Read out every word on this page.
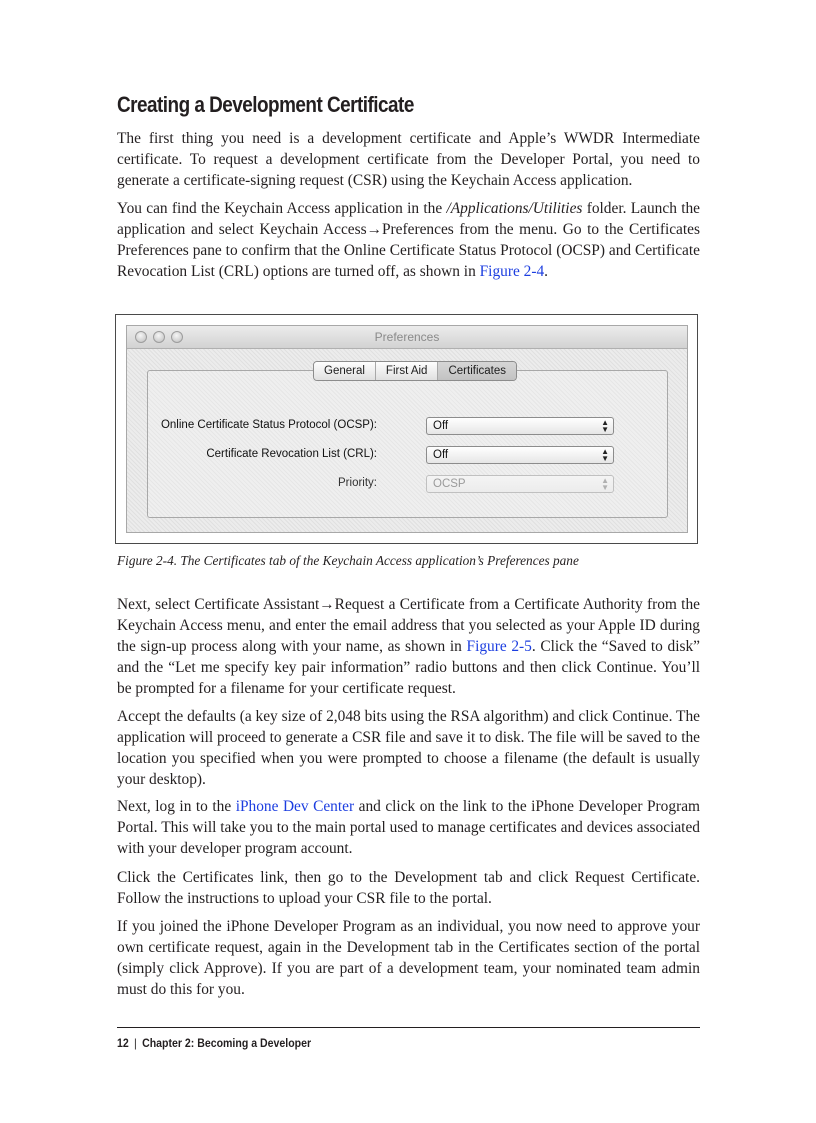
Creating a Development Certificate

The first thing you need is a development certificate and Apple’s WWDR Intermediate certificate. To request a development certificate from the Developer Portal, you need to generate a certificate-signing request (CSR) using the Keychain Access application.

You can find the Keychain Access application in the /Applications/Utilities folder. Launch the application and select Keychain Access→Preferences from the menu. Go to the Certificates Preferences pane to confirm that the Online Certificate Status Protocol (OCSP) and Certificate Revocation List (CRL) options are turned off, as shown in Figure 2-4.

Preferences
General	First Aid	Certificates
Online Certificate Status Protocol (OCSP):	Off	▲
▼
Certificate Revocation List (CRL):	Off	▲
▼
Priority:	OCSP	▲
▼

Figure 2-4. The Certificates tab of the Keychain Access application’s Preferences pane

Next, select Certificate Assistant→Request a Certificate from a Certificate Authority from the Keychain Access menu, and enter the email address that you selected as your Apple ID during the sign-up process along with your name, as shown in Figure 2-5. Click the “Saved to disk” and the “Let me specify key pair information” radio buttons and then click Continue. You’ll be prompted for a filename for your certificate request.

Accept the defaults (a key size of 2,048 bits using the RSA algorithm) and click Continue. The application will proceed to generate a CSR file and save it to disk. The file will be saved to the location you specified when you were prompted to choose a filename (the default is usually your desktop).

Next, log in to the iPhone Dev Center and click on the link to the iPhone Developer Program Portal. This will take you to the main portal used to manage certificates and devices associated with your developer program account.

Click the Certificates link, then go to the Development tab and click Request Certificate. Follow the instructions to upload your CSR file to the portal.

If you joined the iPhone Developer Program as an individual, you now need to approve your own certificate request, again in the Development tab in the Certificates section of the portal (simply click Approve). If you are part of a development team, your nominated team admin must do this for you.

12 | Chapter 2: Becoming a Developer
